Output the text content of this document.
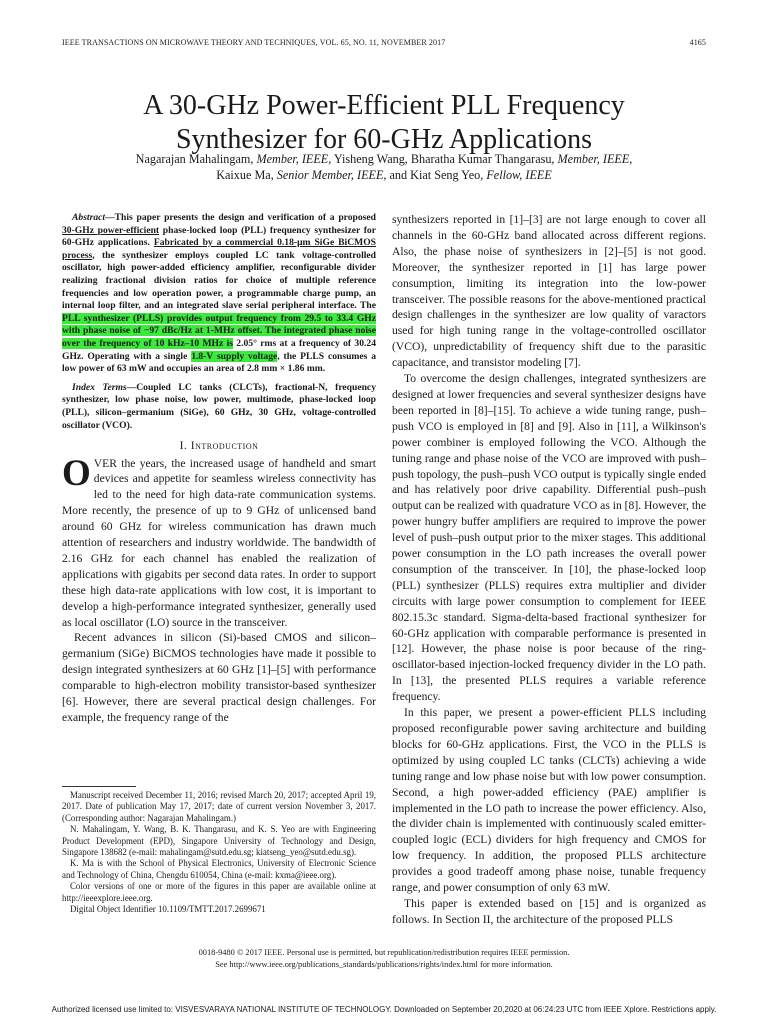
IEEE TRANSACTIONS ON MICROWAVE THEORY AND TECHNIQUES, VOL. 65, NO. 11, NOVEMBER 2017	4165
A 30-GHz Power-Efficient PLL Frequency
Synthesizer for 60-GHz Applications
Nagarajan Mahalingam, Member, IEEE, Yisheng Wang, Bharatha Kumar Thangarasu, Member, IEEE,
Kaixue Ma, Senior Member, IEEE, and Kiat Seng Yeo, Fellow, IEEE

Abstract—This paper presents the design and verification of a proposed 30-GHz power-efficient phase-locked loop (PLL) frequency synthesizer for 60-GHz applications. Fabricated by a commercial 0.18-μm SiGe BiCMOS process, the synthesizer employs coupled LC tank voltage-controlled oscillator, high power-added efficiency amplifier, reconfigurable divider realizing fractional division ratios for choice of multiple reference frequencies and low operation power, a programmable charge pump, an internal loop filter, and an integrated slave serial peripheral interface. The PLL synthesizer (PLLS) provides output frequency from 29.5 to 33.4 GHz with phase noise of −97 dBc/Hz at 1-MHz offset. The integrated phase noise over the frequency of 10 kHz–10 MHz is 2.05° rms at a frequency of 30.24 GHz. Operating with a single 1.8-V supply voltage, the PLLS consumes a low power of 63 mW and occupies an area of 2.8 mm × 1.86 mm.

Index Terms—Coupled LC tanks (CLCTs), fractional-N, frequency synthesizer, low phase noise, low power, multimode, phase-locked loop (PLL), silicon–germanium (SiGe), 60 GHz, 30 GHz, voltage-controlled oscillator (VCO).

I. Introduction

OVER the years, the increased usage of handheld and smart devices and appetite for seamless wireless connectivity has led to the need for high data-rate communication systems. More recently, the presence of up to 9 GHz of unlicensed band around 60 GHz for wireless communication has drawn much attention of researchers and industry worldwide. The bandwidth of 2.16 GHz for each channel has enabled the realization of applications with gigabits per second data rates. In order to support these high data-rate applications with low cost, it is important to develop a high-performance integrated synthesizer, generally used as local oscillator (LO) source in the transceiver.

Recent advances in silicon (Si)-based CMOS and silicon–germanium (SiGe) BiCMOS technologies have made it possible to design integrated synthesizers at 60 GHz [1]–[5] with performance comparable to high-electron mobility transistor-based synthesizer [6]. However, there are several practical design challenges. For example, the frequency range of the

Manuscript received December 11, 2016; revised March 20, 2017; accepted April 19, 2017. Date of publication May 17, 2017; date of current version November 3, 2017. (Corresponding author: Nagarajan Mahalingam.)

N. Mahalingam, Y. Wang, B. K. Thangarasu, and K. S. Yeo are with Engineering Product Development (EPD), Singapore University of Technology and Design, Singapore 138682 (e-mail: mahalingam@sutd.edu.sg; kiatseng_yeo@sutd.edu.sg).

K. Ma is with the School of Physical Electronics, University of Electronic Science and Technology of China, Chengdu 610054, China (e-mail: kxma@ieee.org).

Color versions of one or more of the figures in this paper are available online at http://ieeexplore.ieee.org.

Digital Object Identifier 10.1109/TMTT.2017.2699671

synthesizers reported in [1]–[3] are not large enough to cover all channels in the 60-GHz band allocated across different regions. Also, the phase noise of synthesizers in [2]–[5] is not good. Moreover, the synthesizer reported in [1] has large power consumption, limiting its integration into the low-power transceiver. The possible reasons for the above-mentioned practical design challenges in the synthesizer are low quality of varactors used for high tuning range in the voltage-controlled oscillator (VCO), unpredictability of frequency shift due to the parasitic capacitance, and transistor modeling [7].

To overcome the design challenges, integrated synthesizers are designed at lower frequencies and several synthesizer designs have been reported in [8]–[15]. To achieve a wide tuning range, push–push VCO is employed in [8] and [9]. Also in [11], a Wilkinson's power combiner is employed following the VCO. Although the tuning range and phase noise of the VCO are improved with push–push topology, the push–push VCO output is typically single ended and has relatively poor drive capability. Differential push–push output can be realized with quadrature VCO as in [8]. However, the power hungry buffer amplifiers are required to improve the power level of push–push output prior to the mixer stages. This additional power consumption in the LO path increases the overall power consumption of the transceiver. In [10], the phase-locked loop (PLL) synthesizer (PLLS) requires extra multiplier and divider circuits with large power consumption to complement for IEEE 802.15.3c standard. Sigma-delta-based fractional synthesizer for 60-GHz application with comparable performance is presented in [12]. However, the phase noise is poor because of the ring-oscillator-based injection-locked frequency divider in the LO path. In [13], the presented PLLS requires a variable reference frequency.

In this paper, we present a power-efficient PLLS including proposed reconfigurable power saving architecture and building blocks for 60-GHz applications. First, the VCO in the PLLS is optimized by using coupled LC tanks (CLCTs) achieving a wide tuning range and low phase noise but with low power consumption. Second, a high power-added efficiency (PAE) amplifier is implemented in the LO path to increase the power efficiency. Also, the divider chain is implemented with continuously scaled emitter-coupled logic (ECL) dividers for high frequency and CMOS for low frequency. In addition, the proposed PLLS architecture provides a good tradeoff among phase noise, tunable frequency range, and power consumption of only 63 mW.

This paper is extended based on [15] and is organized as follows. In Section II, the architecture of the proposed PLLS

0018-9480 © 2017 IEEE. Personal use is permitted, but republication/redistribution requires IEEE permission.
See http://www.ieee.org/publications_standards/publications/rights/index.html for more information.
Authorized licensed use limited to: VISVESVARAYA NATIONAL INSTITUTE OF TECHNOLOGY. Downloaded on September 20,2020 at 06:24:23 UTC from IEEE Xplore. Restrictions apply.
